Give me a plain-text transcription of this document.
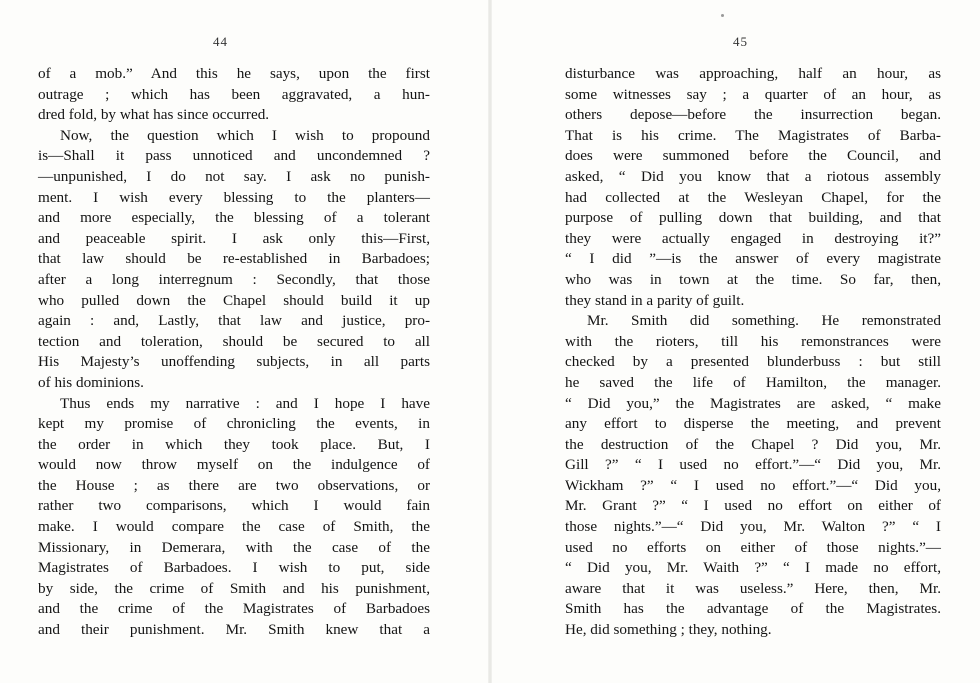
44
of a mob.” And this he says, upon the first
outrage ; which has been aggravated, a hun-
dred fold, by what has since occurred.
Now, the question which I wish to propound
is—Shall it pass unnoticed and uncondemned ?
—unpunished, I do not say. I ask no punish-
ment. I wish every blessing to the planters—
and more especially, the blessing of a tolerant
and peaceable spirit. I ask only this—First,
that law should be re-established in Barbadoes;
after a long interregnum : Secondly, that those
who pulled down the Chapel should build it up
again : and, Lastly, that law and justice, pro-
tection and toleration, should be secured to all
His Majesty’s unoffending subjects, in all parts
of his dominions.
Thus ends my narrative : and I hope I have
kept my promise of chronicling the events, in
the order in which they took place. But, I
would now throw myself on the indulgence of
the House ; as there are two observations, or
rather two comparisons, which I would fain
make. I would compare the case of Smith, the
Missionary, in Demerara, with the case of the
Magistrates of Barbadoes. I wish to put, side
by side, the crime of Smith and his punishment,
and the crime of the Magistrates of Barbadoes
and their punishment. Mr. Smith knew that a
45
disturbance was approaching, half an hour, as
some witnesses say ; a quarter of an hour, as
others depose—before the insurrection began.
That is his crime. The Magistrates of Barba-
does were summoned before the Council, and
asked, “ Did you know that a riotous assembly
had collected at the Wesleyan Chapel, for the
purpose of pulling down that building, and that
they were actually engaged in destroying it?”
“ I did ”—is the answer of every magistrate
who was in town at the time. So far, then,
they stand in a parity of guilt.
Mr. Smith did something. He remonstrated
with the rioters, till his remonstrances were
checked by a presented blunderbuss : but still
he saved the life of Hamilton, the manager.
“ Did you,” the Magistrates are asked, “ make
any effort to disperse the meeting, and prevent
the destruction of the Chapel ? Did you, Mr.
Gill ?” “ I used no effort.”—“ Did you, Mr.
Wickham ?” “ I used no effort.”—“ Did you,
Mr. Grant ?” “ I used no effort on either of
those nights.”—“ Did you, Mr. Walton ?” “ I
used no efforts on either of those nights.”—
“ Did you, Mr. Waith ?” “ I made no effort,
aware that it was useless.” Here, then, Mr.
Smith has the advantage of the Magistrates.
He, did something ; they, nothing.
